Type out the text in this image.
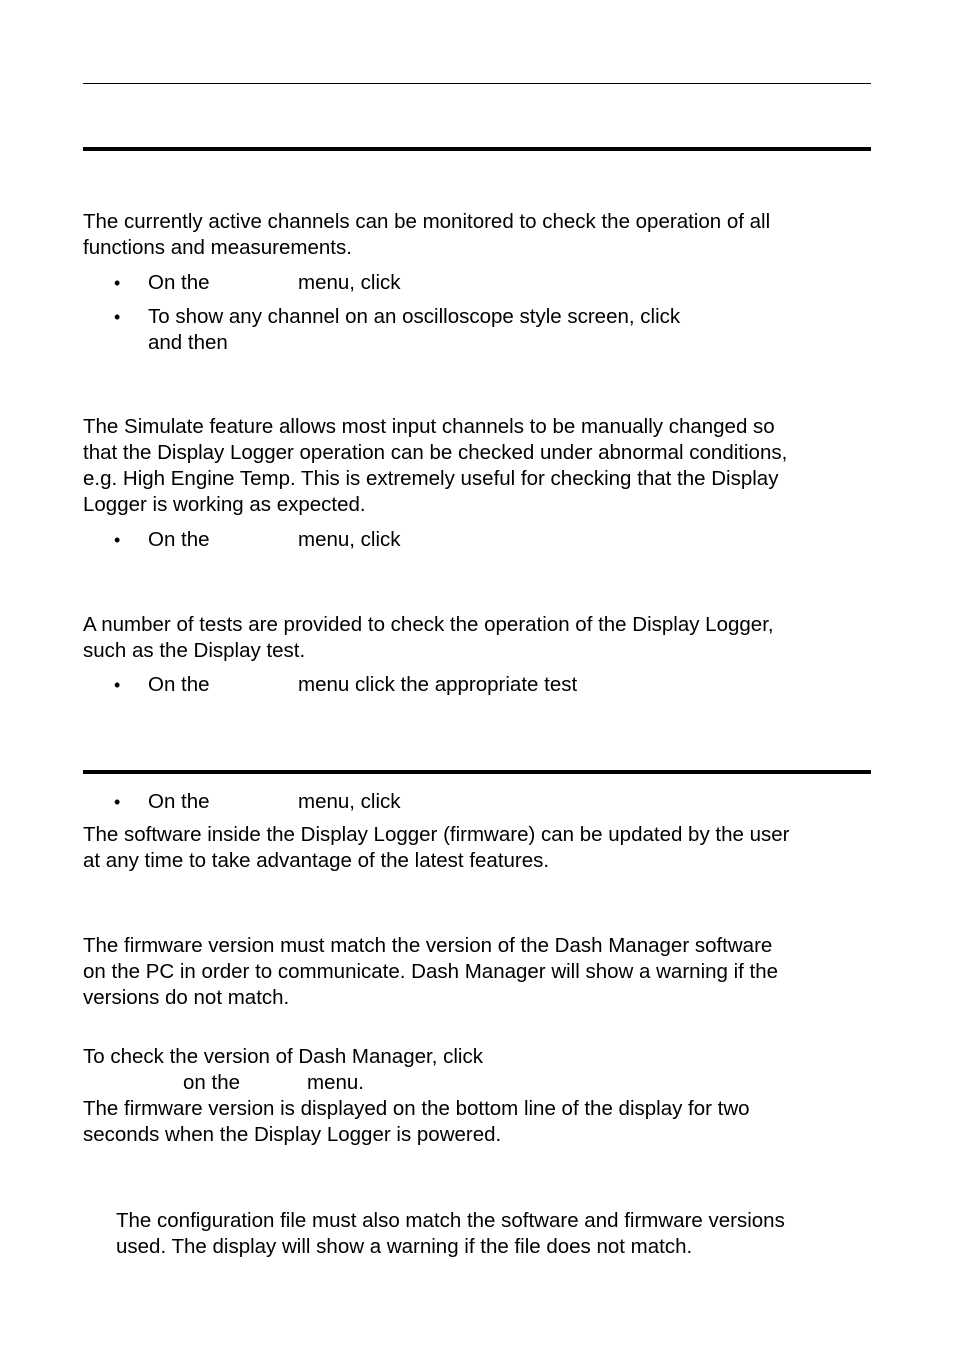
The currently active channels can be monitored to check the operation of all
functions and measurements.

•	On the	menu, click
•	To show any channel on an oscilloscope style screen, click
and then

The Simulate feature allows most input channels to be manually changed so
that the Display Logger operation can be checked under abnormal conditions,
e.g. High Engine Temp. This is extremely useful for checking that the Display
Logger is working as expected.

•	On the	menu, click

A number of tests are provided to check the operation of the Display Logger,
such as the Display test.

•	On the	menu click the appropriate test
•	On the	menu, click

The software inside the Display Logger (firmware) can be updated by the user
at any time to take advantage of the latest features.

The firmware version must match the version of the Dash Manager software
on the PC in order to communicate. Dash Manager will show a warning if the
versions do not match.

To check the version of Dash Manager, click

on the	menu.

The firmware version is displayed on the bottom line of the display for two
seconds when the Display Logger is powered.

The configuration file must also match the software and firmware versions
used. The display will show a warning if the file does not match.
